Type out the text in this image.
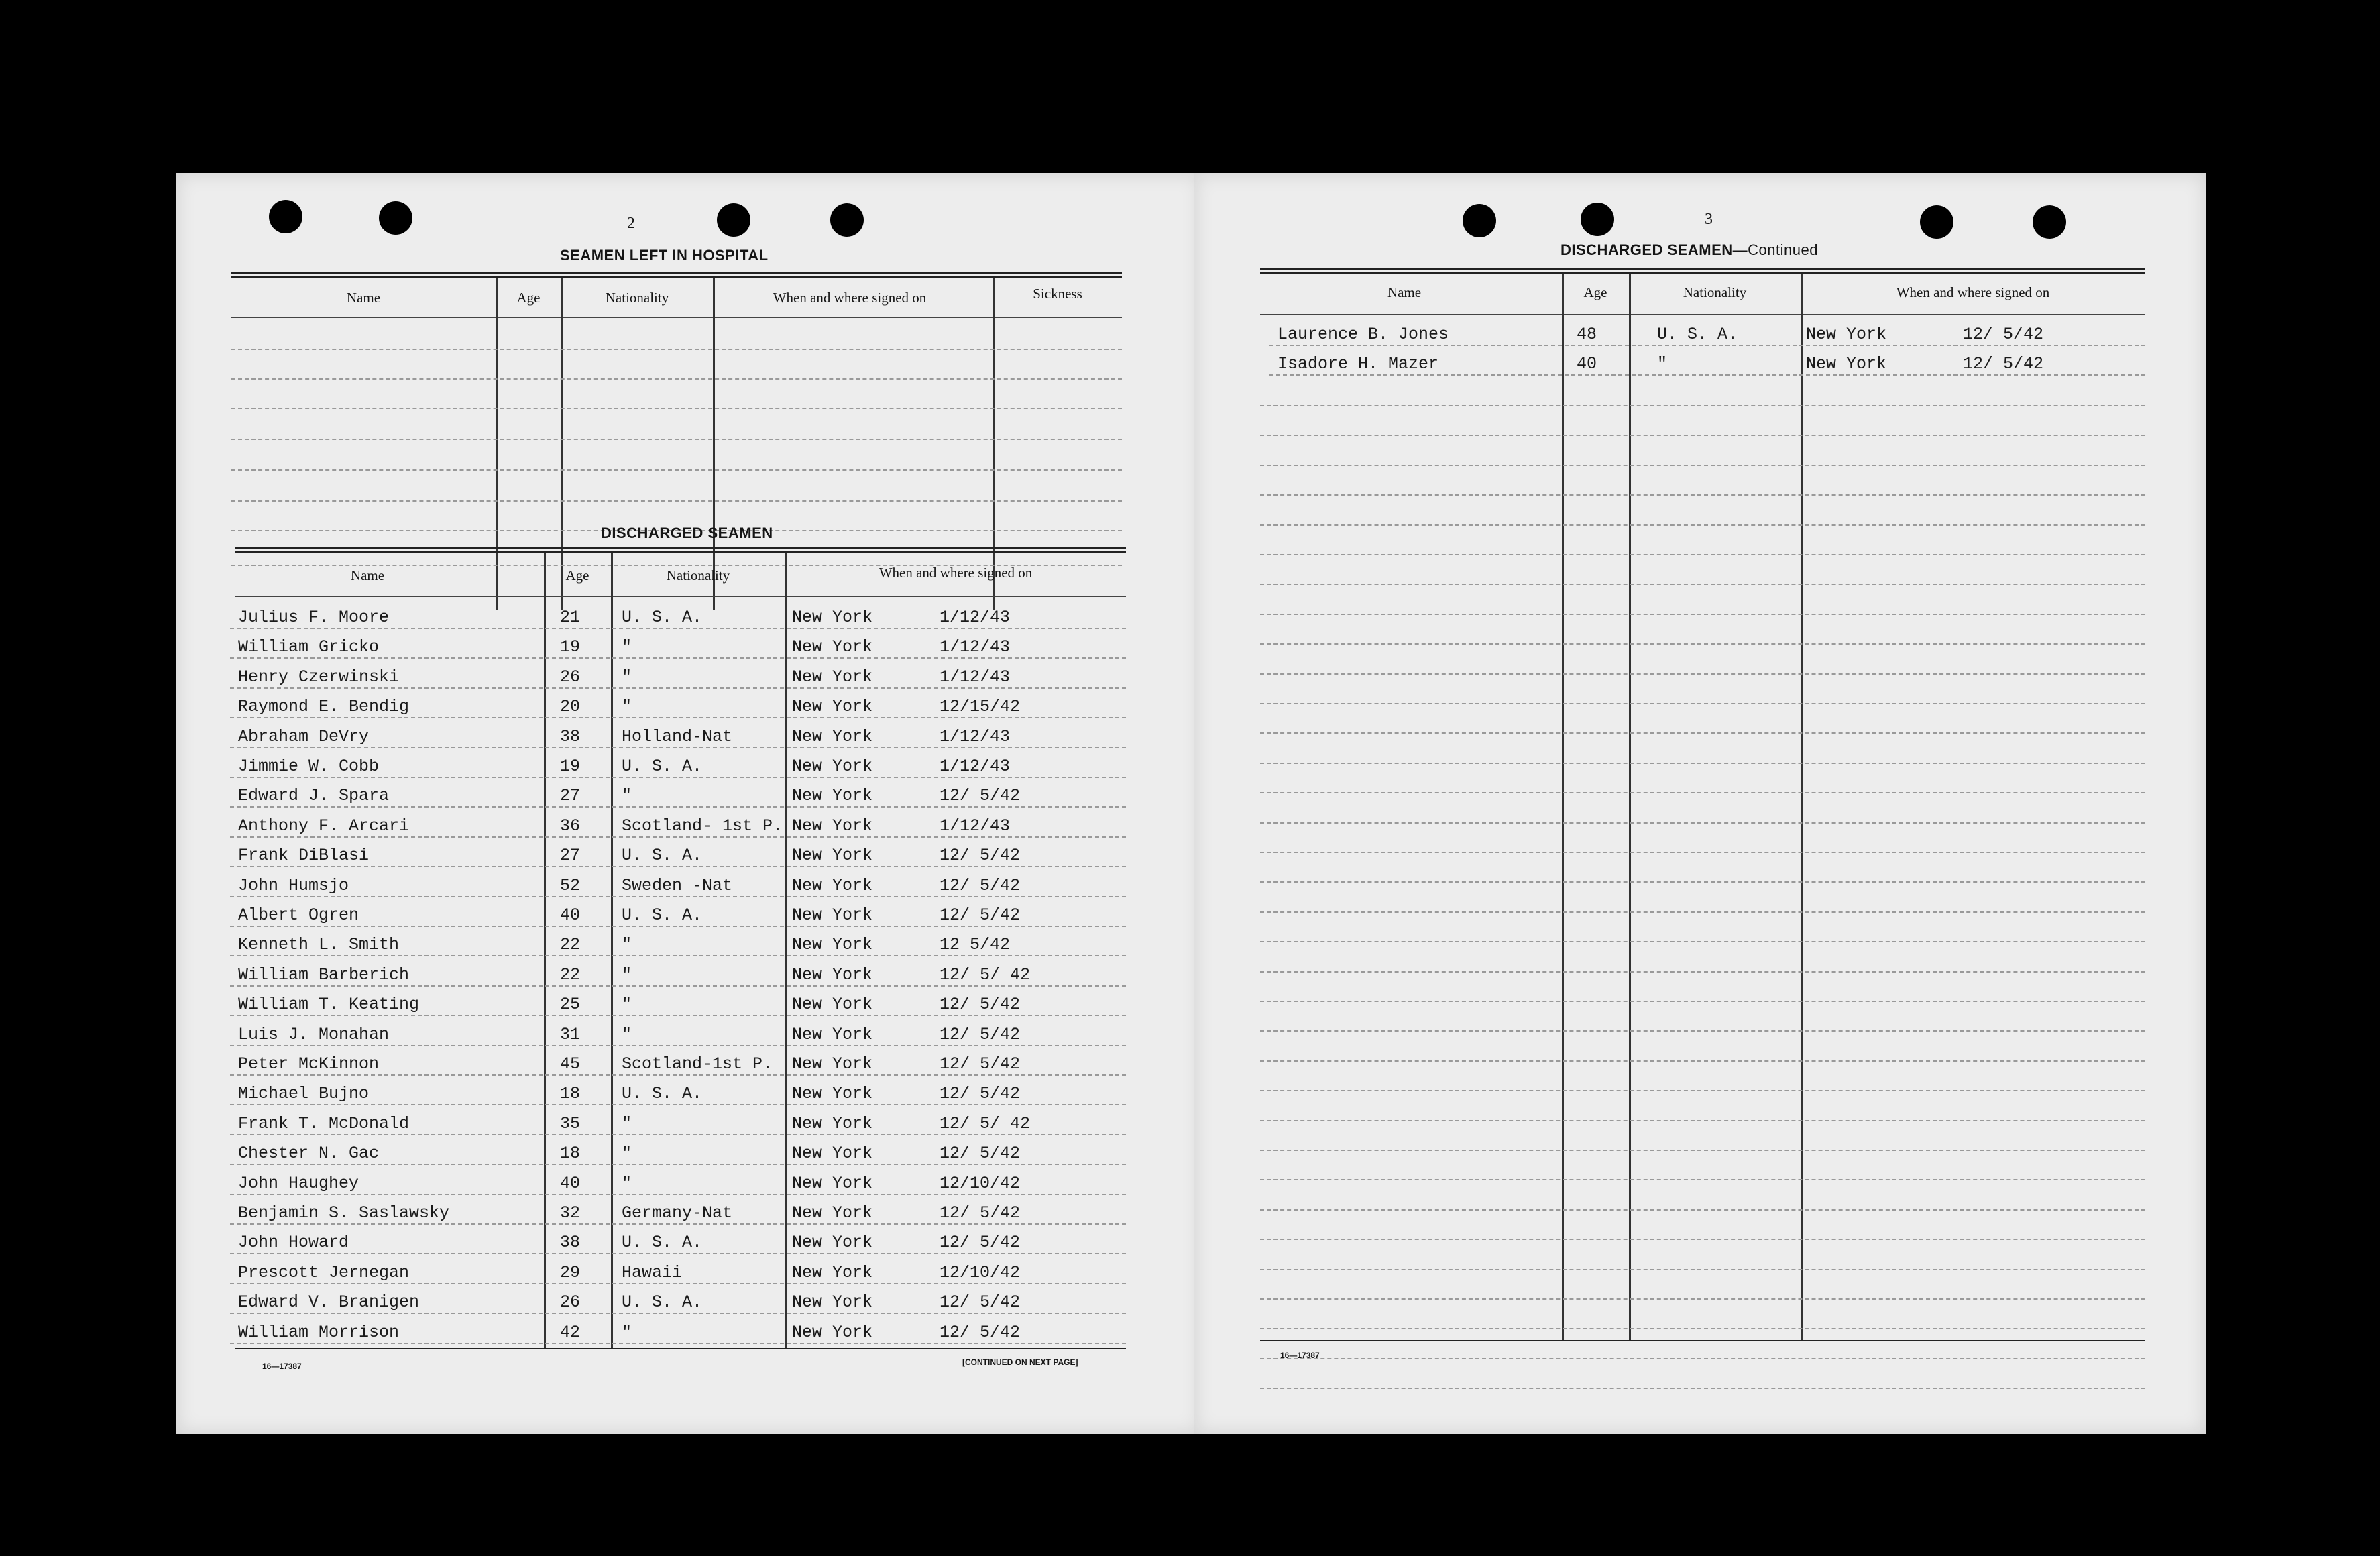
2
SEAMEN LEFT IN HOSPITAL
Name	Age	Nationality	When and where signed on	Sickness
DISCHARGED SEAMEN
Name	Age	Nationality	When and where signed on
Julius F. Moore	21 U. S. A.	New York	1/12/43
William Gricko	19 "	New York	1/12/43
Henry Czerwinski	26 "	New York	1/12/43
Raymond E. Bendig	20 "	New York	12/15/42
Abraham DeVry	38 Holland-Nat	New York	1/12/43
Jimmie W. Cobb	19 U. S. A.	New York	1/12/43
Edward J. Spara	27 "	New York	12/ 5/42
Anthony F. Arcari	36 Scotland- 1st P. New York	1/12/43
Frank DiBlasi	27 U. S. A.	New York	12/ 5/42
John Humsjo	52 Sweden -Nat	New York	12/ 5/42
Albert Ogren	40 U. S. A.	New York	12/ 5/42
Kenneth L. Smith	22 "	New York	12 5/42
William Barberich	22 "	New York	12/ 5/ 42
William T. Keating	25 "	New York	12/ 5/42
Luis J. Monahan	31 "	New York	12/ 5/42
Peter McKinnon	45 Scotland-1st P. New York	12/ 5/42
Michael Bujno	18 U. S. A.	New York	12/ 5/42
Frank T. McDonald	35 "	New York	12/ 5/ 42
Chester N. Gac	18 "	New York	12/ 5/42
John Haughey	40 "	New York	12/10/42
Benjamin S. Saslawsky	32 Germany-Nat	New York	12/ 5/42
John Howard	38 U. S. A.	New York	12/ 5/42
Prescott Jernegan	29 Hawaii	New York	12/10/42
Edward V. Branigen	26 U. S. A.	New York	12/ 5/42
William Morrison	42 "	New York	12/ 5/42
16—17387	[CONTINUED ON NEXT PAGE]
3
DISCHARGED SEAMEN—Continued
Name	Age	Nationality	When and where signed on
Laurence B. Jones	48	U. S. A.	New York	12/ 5/42
Isadore H. Mazer	40	"	New York	12/ 5/42
16—17387
